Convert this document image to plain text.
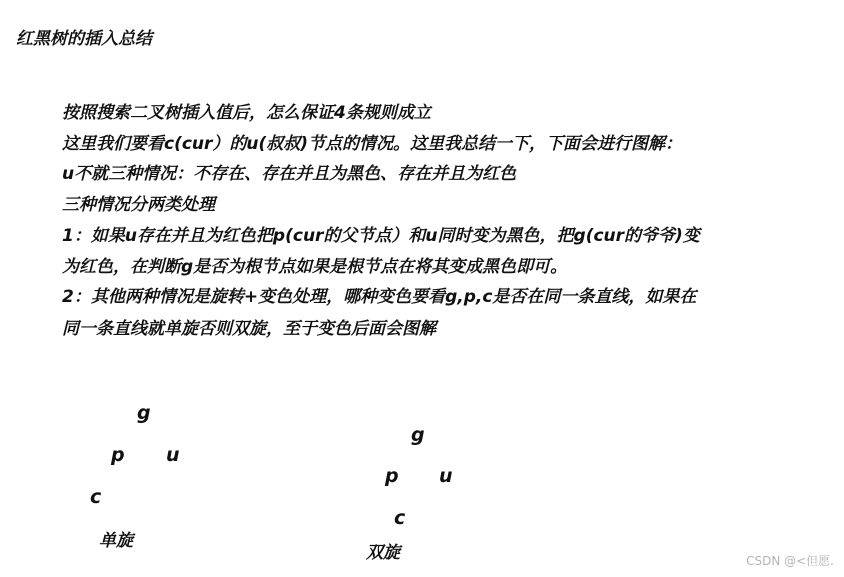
红黑树的插入总结
按照搜索二叉树插入值后，怎么保证4条规则成立
这里我们要看c(cur）的u(叔叔)节点的情况。这里我总结一下，下面会进行图解：
u不就三种情况：不存在、存在并且为黑色、存在并且为红色
三种情况分两类处理
1：如果u存在并且为红色把p(cur的父节点）和u同时变为黑色，把g(cur的爷爷)变
为红色，在判断g是否为根节点如果是根节点在将其变成黑色即可。
2：其他两种情况是旋转+变色处理，哪种变色要看g,p,c是否在同一条直线，如果在
同一条直线就单旋否则双旋，至于变色后面会图解
g
p u
c
单旋
g
p u
c
双旋	CSDN @<但愿.
